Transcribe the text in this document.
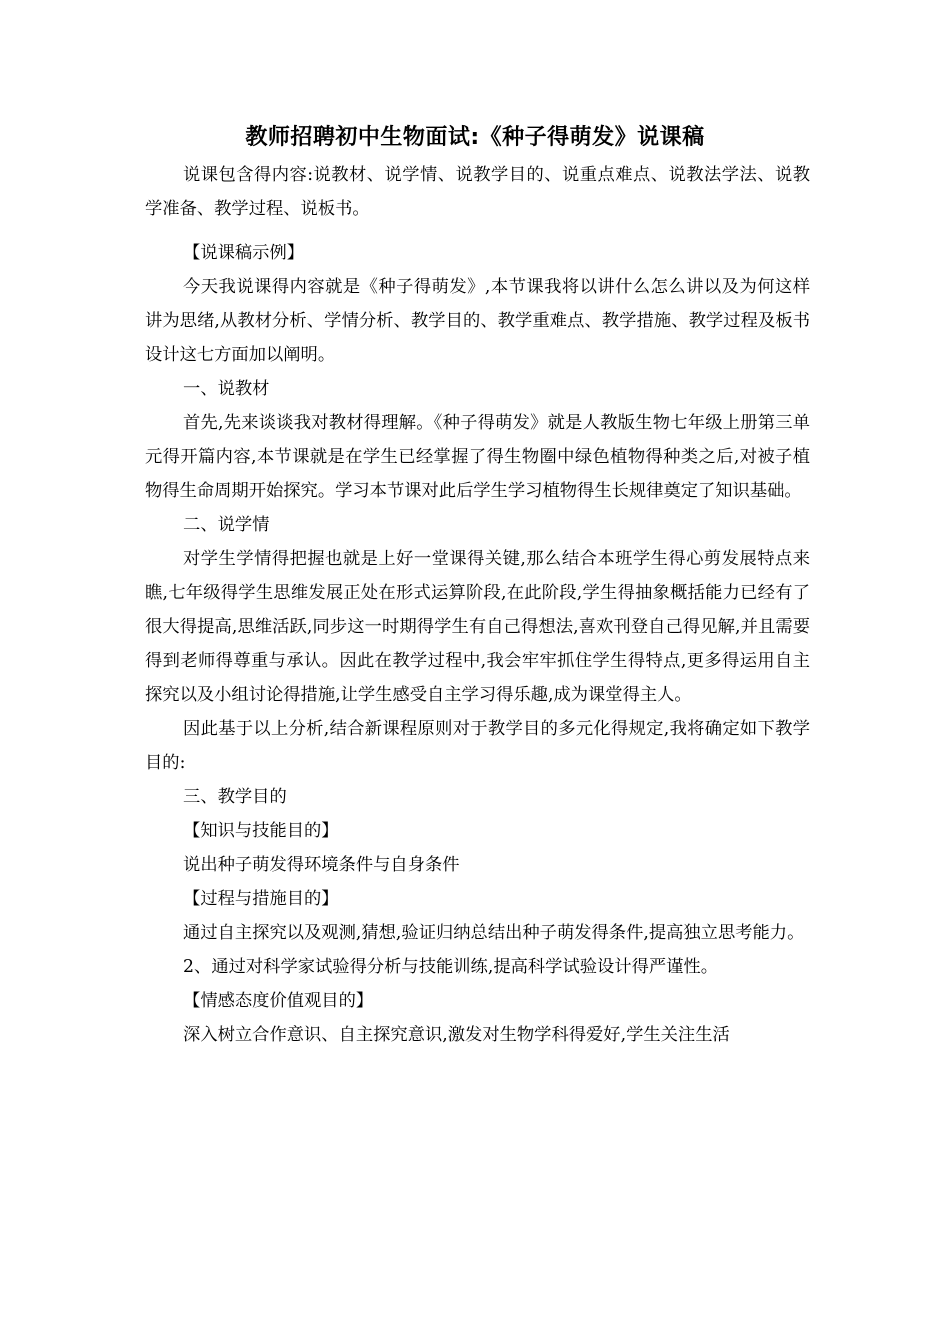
教师招聘初中生物面试:《种子得萌发》说课稿

说课包含得内容:说教材、说学情、说教学目的、说重点难点、说教法学法、说教学准备、教学过程、说板书。

【说课稿示例】

今天我说课得内容就是《种子得萌发》,本节课我将以讲什么怎么讲以及为何这样讲为思绪,从教材分析、学情分析、教学目的、教学重难点、教学措施、教学过程及板书设计这七方面加以阐明。

一、说教材

首先,先来谈谈我对教材得理解。《种子得萌发》就是人教版生物七年级上册第三单元得开篇内容,本节课就是在学生已经掌握了得生物圈中绿色植物得种类之后,对被子植物得生命周期开始探究。学习本节课对此后学生学习植物得生长规律奠定了知识基础。

二、说学情

对学生学情得把握也就是上好一堂课得关键,那么结合本班学生得心剪发展特点来瞧,七年级得学生思维发展正处在形式运算阶段,在此阶段,学生得抽象概括能力已经有了很大得提高,思维活跃,同步这一时期得学生有自己得想法,喜欢刊登自己得见解,并且需要得到老师得尊重与承认。因此在教学过程中,我会牢牢抓住学生得特点,更多得运用自主探究以及小组讨论得措施,让学生感受自主学习得乐趣,成为课堂得主人。

因此基于以上分析,结合新课程原则对于教学目的多元化得规定,我将确定如下教学目的:

三、教学目的

【知识与技能目的】

说出种子萌发得环境条件与自身条件

【过程与措施目的】

通过自主探究以及观测,猜想,验证归纳总结出种子萌发得条件,提高独立思考能力。

2、通过对科学家试验得分析与技能训练,提高科学试验设计得严谨性。

【情感态度价值观目的】

深入树立合作意识、自主探究意识,激发对生物学科得爱好,学生关注生活
